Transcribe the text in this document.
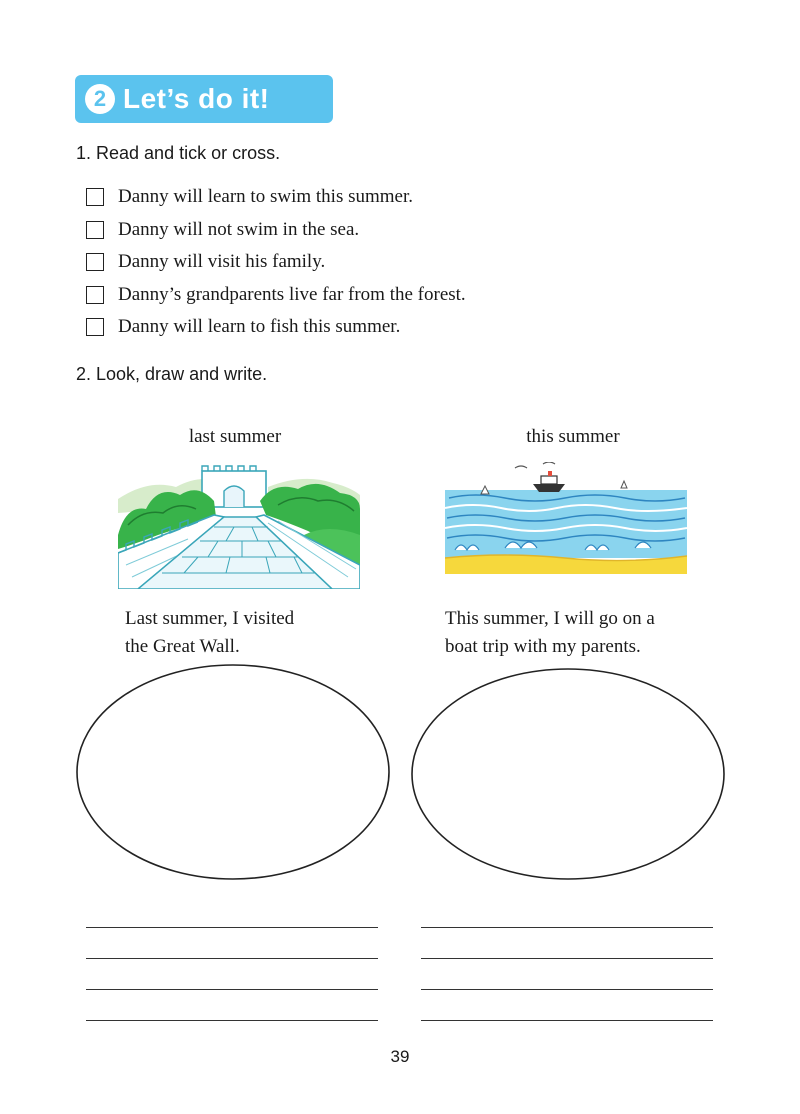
2 Let’s do it!
1. Read and tick or cross.
Danny will learn to swim this summer.
Danny will not swim in the sea.
Danny will visit his family.
Danny’s grandparents live far from the forest.
Danny will learn to fish this summer.
2. Look, draw and write.
last summer	this summer
Last summer, I visited
the Great Wall.
This summer, I will go on a
boat trip with my parents.
39
